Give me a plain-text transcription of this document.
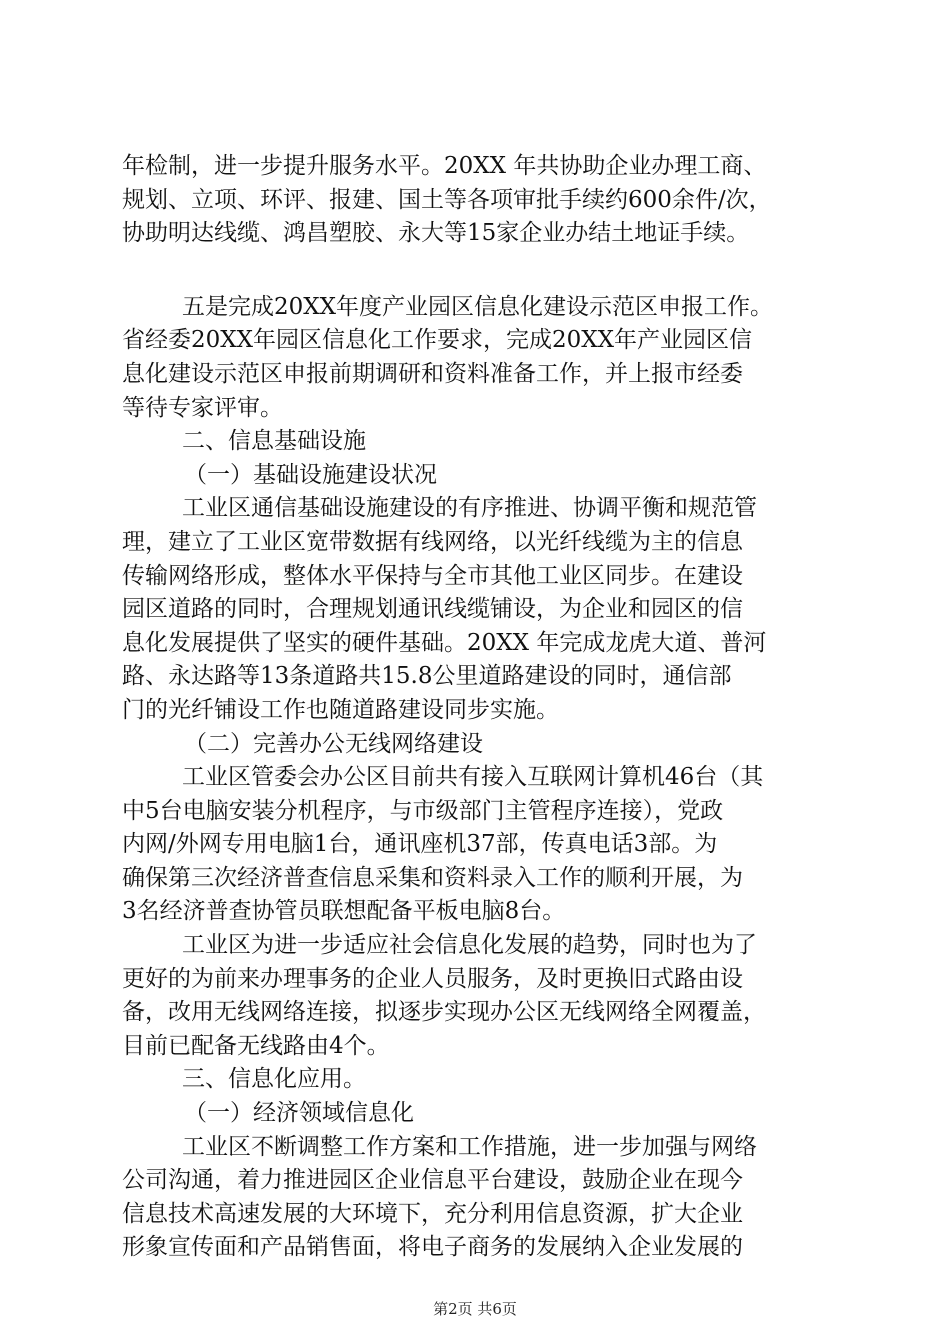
年检制，进一步提升服务水平。20XX 年共协助企业办理工商、
规划、立项、环评、报建、国土等各项审批手续约600余件/次，
协助明达线缆、鸿昌塑胶、永大等15家企业办结土地证手续。
五是完成20XX年度产业园区信息化建设示范区申报工作。
省经委20XX年园区信息化工作要求，完成20XX年产业园区信
息化建设示范区申报前期调研和资料准备工作，并上报市经委
等待专家评审。
二、信息基础设施
（一）基础设施建设状况
工业区通信基础设施建设的有序推进、协调平衡和规范管
理，建立了工业区宽带数据有线网络，以光纤线缆为主的信息
传输网络形成，整体水平保持与全市其他工业区同步。在建设
园区道路的同时，合理规划通讯线缆铺设，为企业和园区的信
息化发展提供了坚实的硬件基础。20XX 年完成龙虎大道、普河
路、永达路等13条道路共15.8公里道路建设的同时，通信部
门的光纤铺设工作也随道路建设同步实施。
（二）完善办公无线网络建设
工业区管委会办公区目前共有接入互联网计算机46台（其
中5台电脑安装分机程序，与市级部门主管程序连接），党政
内网/外网专用电脑1台，通讯座机37部，传真电话3部。为
确保第三次经济普查信息采集和资料录入工作的顺利开展，为
3名经济普查协管员联想配备平板电脑8台。
工业区为进一步适应社会信息化发展的趋势，同时也为了
更好的为前来办理事务的企业人员服务，及时更换旧式路由设
备，改用无线网络连接，拟逐步实现办公区无线网络全网覆盖，
目前已配备无线路由4个。
三、信息化应用。
（一）经济领域信息化
工业区不断调整工作方案和工作措施，进一步加强与网络
公司沟通，着力推进园区企业信息平台建设，鼓励企业在现今
信息技术高速发展的大环境下，充分利用信息资源，扩大企业
形象宣传面和产品销售面，将电子商务的发展纳入企业发展的
第2页 共6页
